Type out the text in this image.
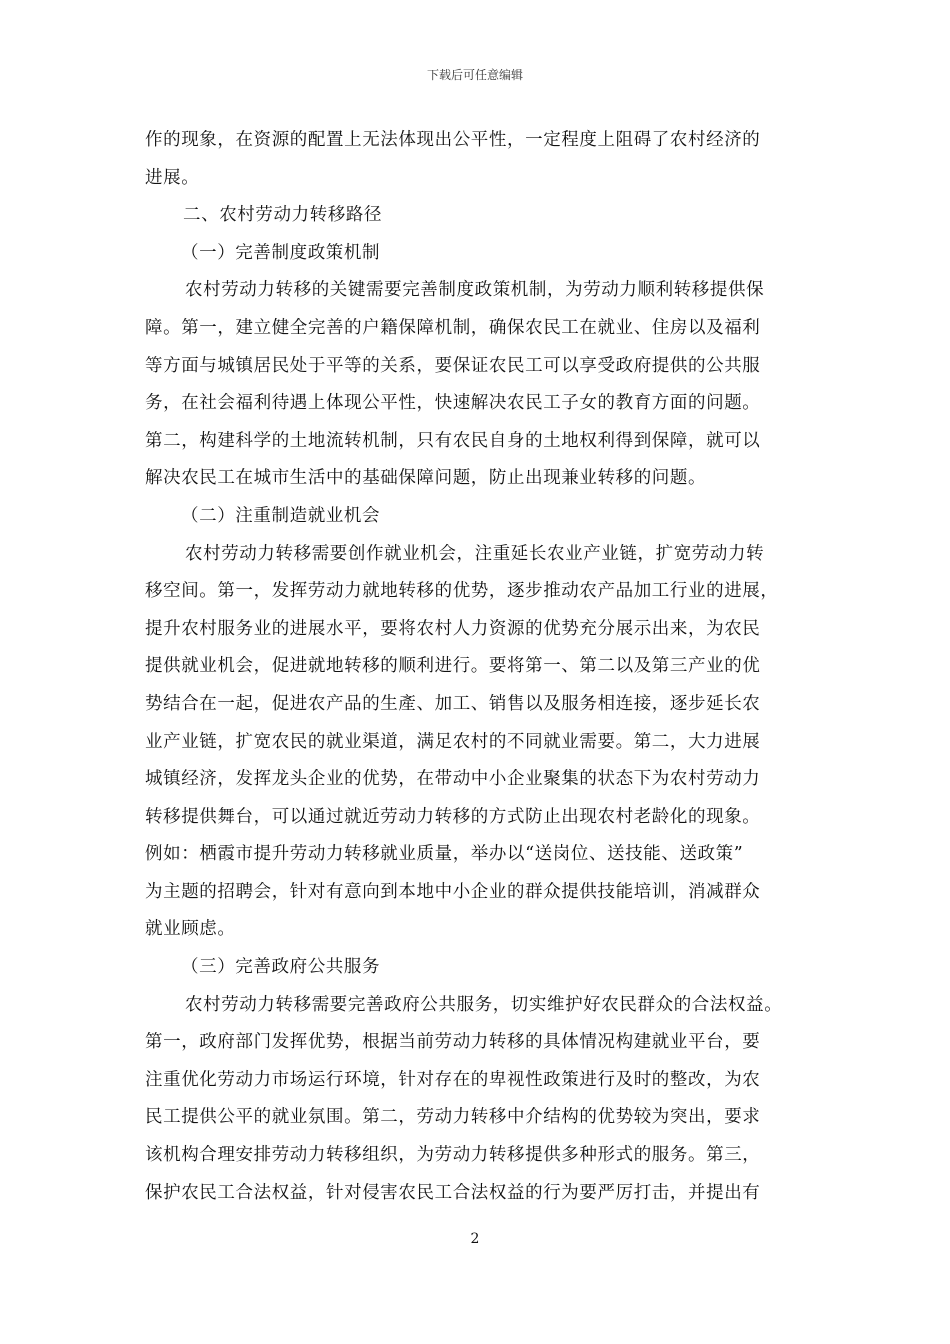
下载后可任意编辑
作的现象，在资源的配置上无法体现出公平性，一定程度上阻碍了农村经济的
进展。
二、农村劳动力转移路径
（一）完善制度政策机制
农村劳动力转移的关键需要完善制度政策机制，为劳动力顺利转移提供保
障。第一，建立健全完善的户籍保障机制，确保农民工在就业、住房以及福利
等方面与城镇居民处于平等的关系，要保证农民工可以享受政府提供的公共服
务，在社会福利待遇上体现公平性，快速解决农民工子女的教育方面的问题。
第二，构建科学的土地流转机制，只有农民自身的土地权利得到保障，就可以
解决农民工在城市生活中的基础保障问题，防止出现兼业转移的问题。
（二）注重制造就业机会
农村劳动力转移需要创作就业机会，注重延长农业产业链，扩宽劳动力转
移空间。第一，发挥劳动力就地转移的优势，逐步推动农产品加工行业的进展，
提升农村服务业的进展水平，要将农村人力资源的优势充分展示出来，为农民
提供就业机会，促进就地转移的顺利进行。要将第一、第二以及第三产业的优
势结合在一起，促进农产品的生產、加工、销售以及服务相连接，逐步延长农
业产业链，扩宽农民的就业渠道，满足农村的不同就业需要。第二，大力进展
城镇经济，发挥龙头企业的优势，在带动中小企业聚集的状态下为农村劳动力
转移提供舞台，可以通过就近劳动力转移的方式防止出现农村老龄化的现象。
例如：栖霞市提升劳动力转移就业质量，举办以“送岗位、送技能、送政策”
为主题的招聘会，针对有意向到本地中小企业的群众提供技能培训，消减群众
就业顾虑。
（三）完善政府公共服务
农村劳动力转移需要完善政府公共服务，切实维护好农民群众的合法权益。
第一，政府部门发挥优势，根据当前劳动力转移的具体情况构建就业平台，要
注重优化劳动力市场运行环境，针对存在的卑视性政策进行及时的整改，为农
民工提供公平的就业氛围。第二，劳动力转移中介结构的优势较为突出，要求
该机构合理安排劳动力转移组织，为劳动力转移提供多种形式的服务。第三，
保护农民工合法权益，针对侵害农民工合法权益的行为要严厉打击，并提出有
2
